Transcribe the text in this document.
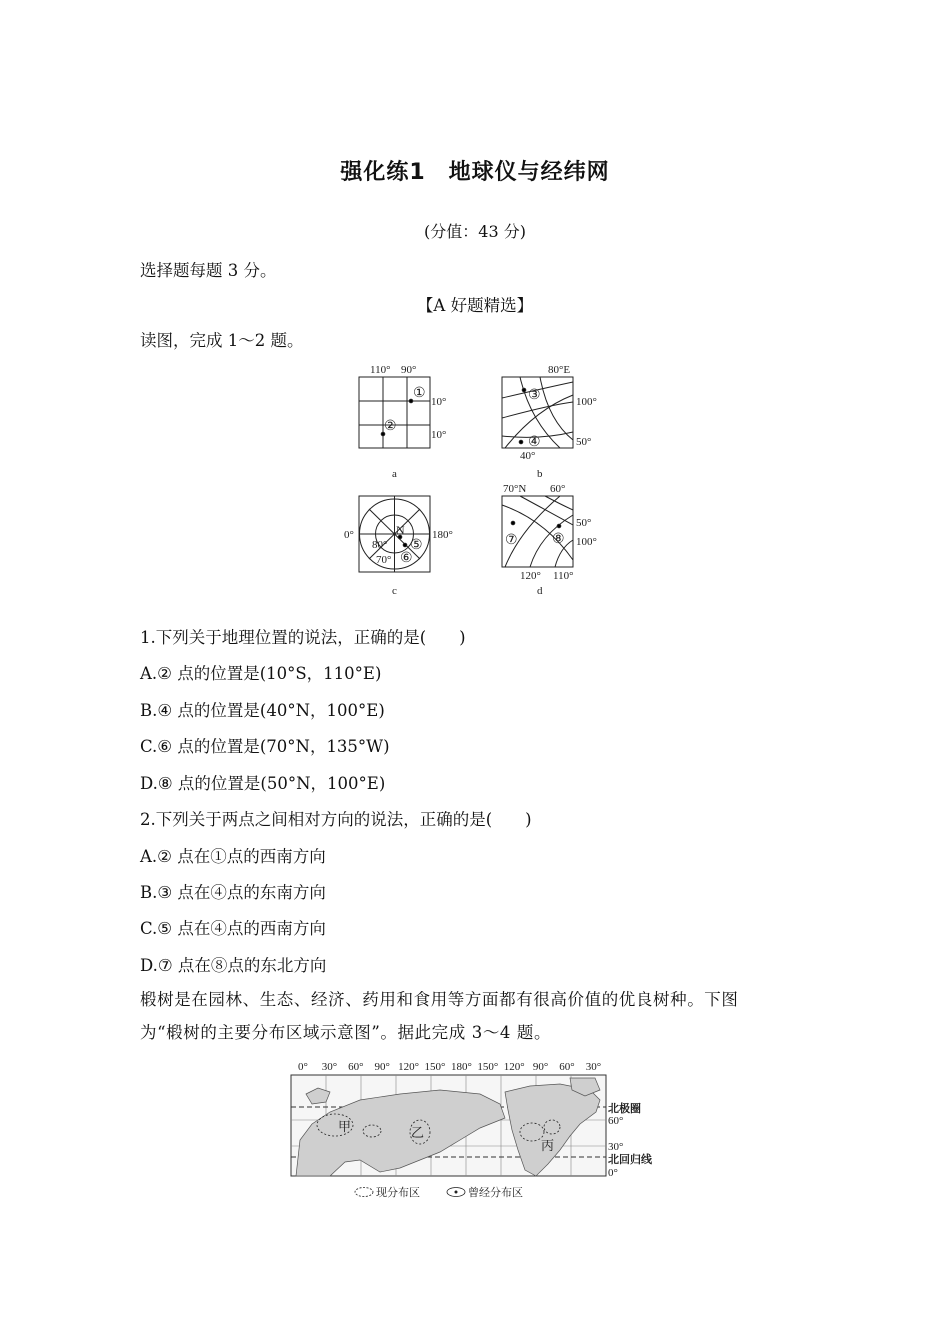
强化练1　地球仪与经纬网
(分值：43 分)
选择题每题 3 分。
【A 好题精选】
读图，完成 1～2 题。
110° 90°
10°
10°
①
②
a
80°E
100°
50°
40°
③
④
b
0°	180°
80°
70°
N
⑤
⑥
c
70°N 60°
50°
100°
120° 110°
⑦ ⑧
d
1.下列关于地理位置的说法，正确的是(　　)
A.② 点的位置是(10°S，110°E)
B.④ 点的位置是(40°N，100°E)
C.⑥ 点的位置是(70°N，135°W)
D.⑧ 点的位置是(50°N，100°E)
2.下列关于两点之间相对方向的说法，正确的是(　　)
A.② 点在①点的西南方向
B.③ 点在④点的东南方向
C.⑤ 点在④点的西南方向
D.⑦ 点在⑧点的东北方向
椴树是在园林、生态、经济、药用和食用等方面都有很高价值的优良树种。下图
为“椴树的主要分布区域示意图”。据此完成 3～4 题。
0° 30° 60° 90° 120° 150° 180° 150° 120° 90° 60° 30°
甲	乙
丙
北极圈
60°
30°
北回归线
0°
现分布区	曾经分布区
